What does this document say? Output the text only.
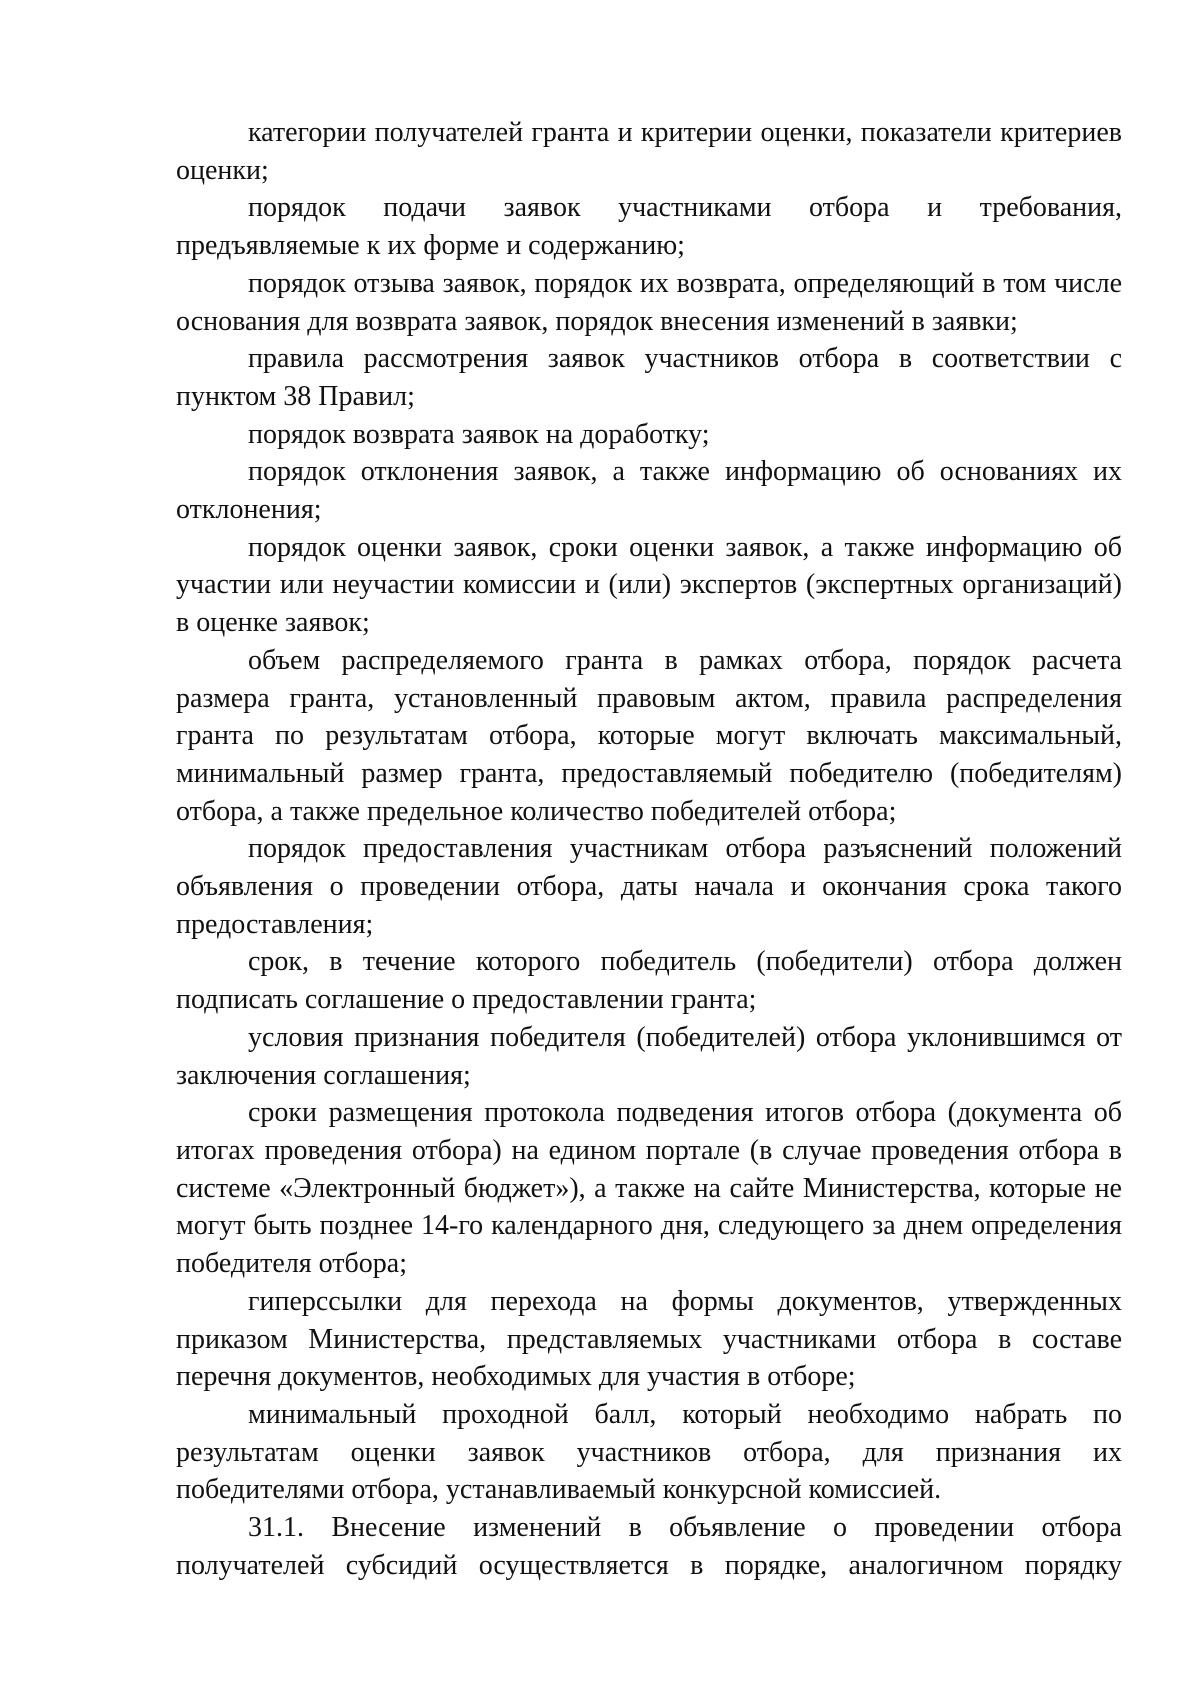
категории получателей гранта и критерии оценки, показатели критериев оценки;

порядок подачи заявок участниками отбора и требования, предъявляемые к их форме и содержанию;

порядок отзыва заявок, порядок их возврата, определяющий в том числе основания для возврата заявок, порядок внесения изменений в заявки;

правила рассмотрения заявок участников отбора в соответствии с пунктом 38 Правил;

порядок возврата заявок на доработку;

порядок отклонения заявок, а также информацию об основаниях их отклонения;

порядок оценки заявок, сроки оценки заявок, а также информацию об участии или неучастии комиссии и (или) экспертов (экспертных организаций) в оценке заявок;

объем распределяемого гранта в рамках отбора, порядок расчета размера гранта, установленный правовым актом, правила распределения гранта по результатам отбора, которые могут включать максимальный, минимальный размер гранта, предоставляемый победителю (победителям) отбора, а также предельное количество победителей отбора;

порядок предоставления участникам отбора разъяснений положений объявления о проведении отбора, даты начала и окончания срока такого предоставления;

срок, в течение которого победитель (победители) отбора должен подписать соглашение о предоставлении гранта;

условия признания победителя (победителей) отбора уклонившимся от заключения соглашения;

сроки размещения протокола подведения итогов отбора (документа об итогах проведения отбора) на едином портале (в случае проведения отбора в системе «Электронный бюджет»), а также на сайте Министерства, которые не могут быть позднее 14-го календарного дня, следующего за днем определения победителя отбора;

гиперссылки для перехода на формы документов, утвержденных приказом Министерства, представляемых участниками отбора в составе перечня документов, необходимых для участия в отборе;

минимальный проходной балл, который необходимо набрать по результатам оценки заявок участников отбора, для признания их победителями отбора, устанавливаемый конкурсной комиссией.

31.1. Внесение изменений в объявление о проведении отбора получателей субсидий осуществляется в порядке, аналогичном порядку
